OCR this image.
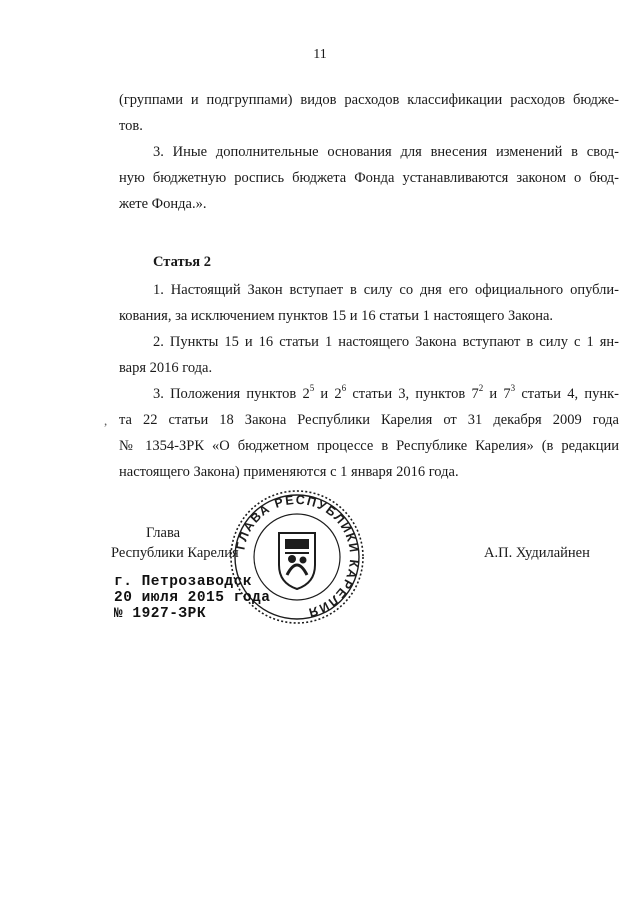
11
(группами и подгруппами) видов расходов классификации расходов бюдже-
тов.
3. Иные дополнительные основания для внесения изменений в свод-
ную бюджетную роспись бюджета Фонда устанавливаются законом о бюд-
жете Фонда.».
Статья 2
1. Настоящий Закон вступает в силу со дня его официального опубли-
кования, за исключением пунктов 15 и 16 статьи 1 настоящего Закона.
2. Пункты 15 и 16 статьи 1 настоящего Закона вступают в силу с 1 ян-
варя 2016 года.
3. Положения пунктов $2^5$ и $2^6$ статьи 3, пунктов $7^2$ и $7^3$ статьи 4, пунк-
, та 22 статьи 18 Закона Республики Карелия от 31 декабря 2009 года
№ 1354-ЗРК «О бюджетном процессе в Республике Карелия» (в редакции
настоящего Закона) применяются с 1 января 2016 года.
Глава
Республики Карелия	А.П. Худилайнен
ГЛАВА РЕСПУБЛИКИ КАРЕЛИЯ
г. Петрозаводск
20 июля 2015 года
№ 1927-ЗРК
